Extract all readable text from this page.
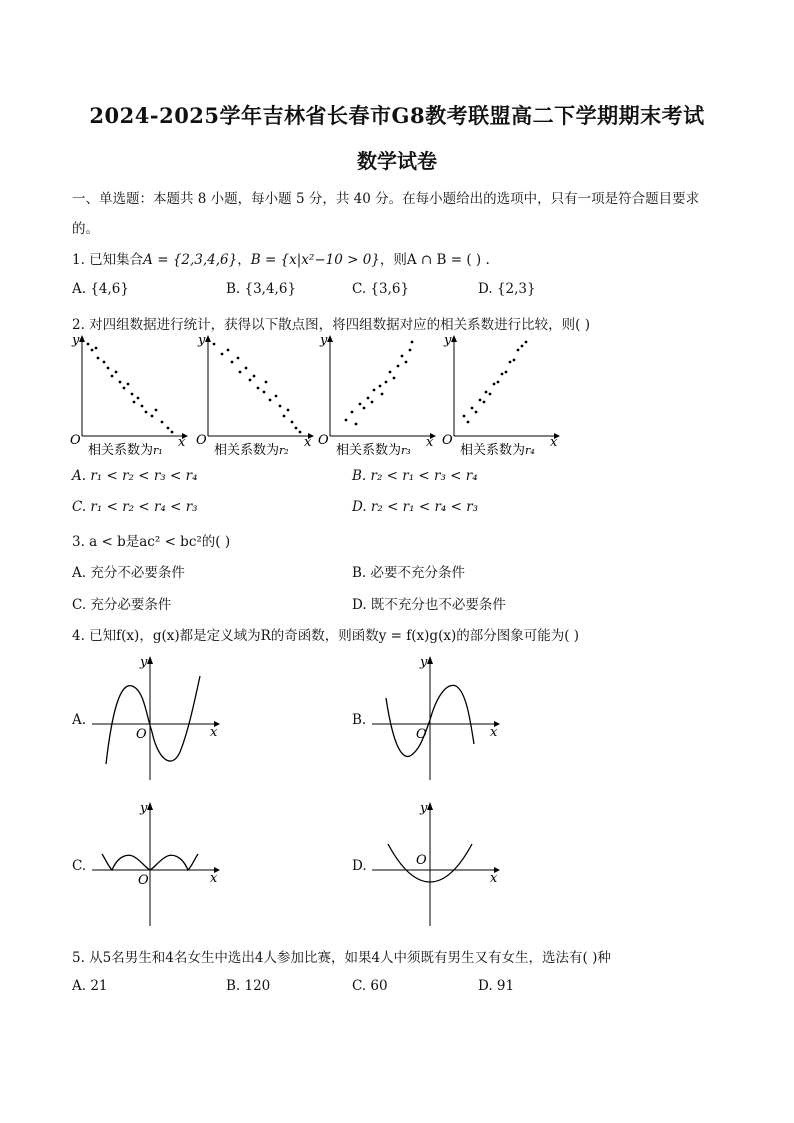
2024-2025学年吉林省长春市G8教考联盟高二下学期期末考试
数学试卷
一、单选题：本题共 8 小题，每小题 5 分，共 40 分。在每小题给出的选项中，只有一项是符合题目要求
的。
1. 已知集合A = {2,3,4,6}，B = {x|x²−10 > 0}，则A ∩ B = ( ) .
A. {4,6}	B. {3,4,6}	C. {3,6}	D. {2,3}
2. 对四组数据进行统计，获得以下散点图，将四组数据对应的相关系数进行比较，则( )
y
O	x
相关系数为r₁
y
O	x
相关系数为r₂
y
O	x
相关系数为r₃
y
O	x
相关系数为r₄
A. r₁ < r₂ < r₃ < r₄	B. r₂ < r₁ < r₃ < r₄
C. r₁ < r₂ < r₄ < r₃	D. r₂ < r₁ < r₄ < r₃
3. a < b是ac² < bc²的( )
A. 充分不必要条件	B. 必要不充分条件
C. 充分必要条件	D. 既不充分也不必要条件
4. 已知f(x)，g(x)都是定义域为R的奇函数，则函数y = f(x)g(x)的部分图象可能为( )
A.
y
x
O
B.
y
x
O
C.
y
x
O
D.
y
x
O
5. 从5名男生和4名女生中选出4人参加比赛，如果4人中须既有男生又有女生，选法有( )种
A. 21	B. 120	C. 60	D. 91
